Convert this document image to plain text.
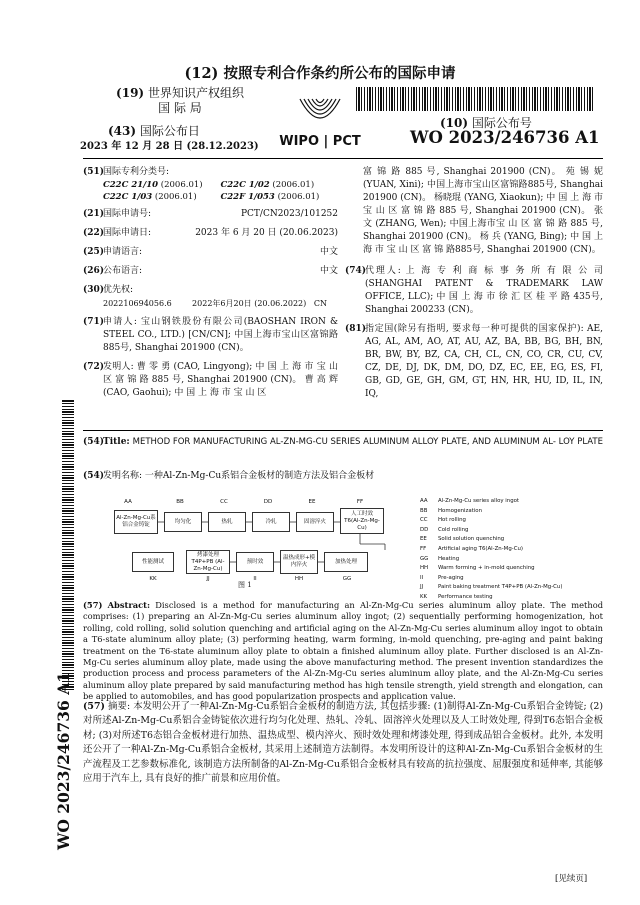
(12) 按照专利合作条约所公布的国际申请
(19) 世界知识产权组织
国 际 局
(43) 国际公布日
2023 年 12 月 28 日 (28.12.2023)	WIPO | PCT
(10) 国际公布号
WO 2023/246736 A1
(51)
国际专利分类号:
C22C 21/10 (2006.01)	C22C 1/02 (2006.01)
C22C 1/03 (2006.01)	C22F 1/053 (2006.01)
(21)
国际申请号:	PCT/CN2023/101252
(22)
国际申请日:	2023 年 6 月 20 日 (20.06.2023)
(25)
申请语言:	中文
(26)
公布语言:	中文
(30)
优先权:
202210694056.6        2022年6月20日 (20.06.2022)   CN
(71)
申请人: 宝山钢铁股份有限公司(BAOSHAN IRON & STEEL CO., LTD.) [CN/CN]; 中国上海市宝山区富锦路885号, Shanghai 201900 (CN)。
(72)
发明人: 曹 零 勇 (CAO, Lingyong); 中 国 上 海 市 宝 山 区 富 锦 路 885 号, Shanghai 201900 (CN)。 曹 高 辉 (CAO, Gaohui); 中 国 上 海 市 宝 山 区
富 锦 路 885 号, Shanghai 201900 (CN)。 苑 锡 妮 (YUAN, Xini); 中国上海市宝山区富锦路885号, Shanghai 201900 (CN)。 杨晓琨 (YANG, Xiaokun); 中 国 上 海 市 宝 山 区 富 锦 路 885 号, Shanghai 201900 (CN)。 张文 (ZHANG, Wen); 中国上海市宝 山 区 富 锦 路 885 号, Shanghai 201900 (CN)。 杨 兵 (YANG, Bing); 中 国 上 海 市 宝 山 区 富 锦 路885号, Shanghai 201900 (CN)。
(74)
代理人: 上 海 专 利 商 标 事 务 所 有 限 公 司 (SHANGHAI PATENT & TRADEMARK LAW OFFICE, LLC); 中 国 上 海 市 徐 汇 区 桂 平 路 435号, Shanghai 200233 (CN)。
(81)
指定国(除另有指明, 要求每一种可提供的国家保护): AE, AG, AL, AM, AO, AT, AU, AZ, BA, BB, BG, BH, BN, BR, BW, BY, BZ, CA, CH, CL, CN, CO, CR, CU, CV, CZ, DE, DJ, DK, DM, DO, DZ, EC, EE, EG, ES, FI, GB, GD, GE, GH, GM, GT, HN, HR, HU, ID, IL, IN, IQ,
(54)
Title: METHOD FOR MANUFACTURING AL-ZN-MG-CU SERIES ALUMINUM ALLOY PLATE, AND ALUMINUM AL- LOY PLATE
(54)
发明名称: 一种Al-Zn-Mg-Cu系铝合金板材的制造方法及铝合金板材
AA	BB	CC	DD	EE	FF
Al-Zn-Mg-Cu系铝合金铸锭
均匀化	热轧	冷轧	固溶淬火
人工时效 T6(Al-Zn-Mg-Cu)
性能测试
烤漆处理 T4P+PB (Al-Zn-Mg-Cu)
预时效
温热成形+模内淬火
加热处理
KK	JJ	II	HH	GG
图 1
AA	Al-Zn-Mg-Cu series alloy ingot
BB	Homogenization
CC	Hot rolling
DD	Cold rolling
EE	Solid solution quenching
FF	Artificial aging T6(Al-Zn-Mg-Cu)
GG	Heating
HH	Warm forming + in-mold quenching
II	Pre-aging
JJ	Paint baking treatment T4P+PB (Al-Zn-Mg-Cu)
KK	Performance testing
(57) Abstract: Disclosed is a method for manufacturing an Al-Zn-Mg-Cu series aluminum alloy plate. The method comprises: (1) preparing an Al-Zn-Mg-Cu series aluminum alloy ingot; (2) sequentially performing homogenization, hot rolling, cold rolling, solid solution quenching and artificial aging on the Al-Zn-Mg-Cu series aluminum alloy ingot to obtain a T6-state aluminum alloy plate; (3) performing heating, warm forming, in-mold quenching, pre-aging and paint baking treatment on the T6-state aluminum alloy plate to obtain a finished aluminum alloy plate. Further disclosed is an Al-Zn-Mg-Cu series aluminum alloy plate, made using the above manufacturing method. The present invention standardizes the production process and process parameters of the Al-Zn-Mg-Cu series aluminum alloy plate, and the Al-Zn-Mg-Cu series aluminum alloy plate prepared by said manufacturing method has high tensile strength, yield strength and elongation, can be applied to automobiles, and has good popularization prospects and application value.
(57) 摘要: 本发明公开了一种Al-Zn-Mg-Cu系铝合金板材的制造方法, 其包括步骤: (1)制得Al-Zn-Mg-Cu系铝合金铸锭; (2)对所述Al-Zn-Mg-Cu系铝合金铸锭依次进行均匀化处理、热轧、冷轧、固溶淬火处理以及人工时效处理, 得到T6态铝合金板材; (3)对所述T6态铝合金板材进行加热、温热成型、模内淬火、预时效处理和烤漆处理, 得到成品铝合金板材。此外, 本发明还公开了一种Al-Zn-Mg-Cu系铝合金板材, 其采用上述制造方法制得。本发明所设计的这种Al-Zn-Mg-Cu系铝合金板材的生产流程及工艺参数标准化, 该制造方法所制备的Al-Zn-Mg-Cu系铝合金板材具有较高的抗拉强度、屈服强度和延伸率, 其能够应用于汽车上, 具有良好的推广前景和应用价值。
WO 2023/246736 A1
[见续页]
